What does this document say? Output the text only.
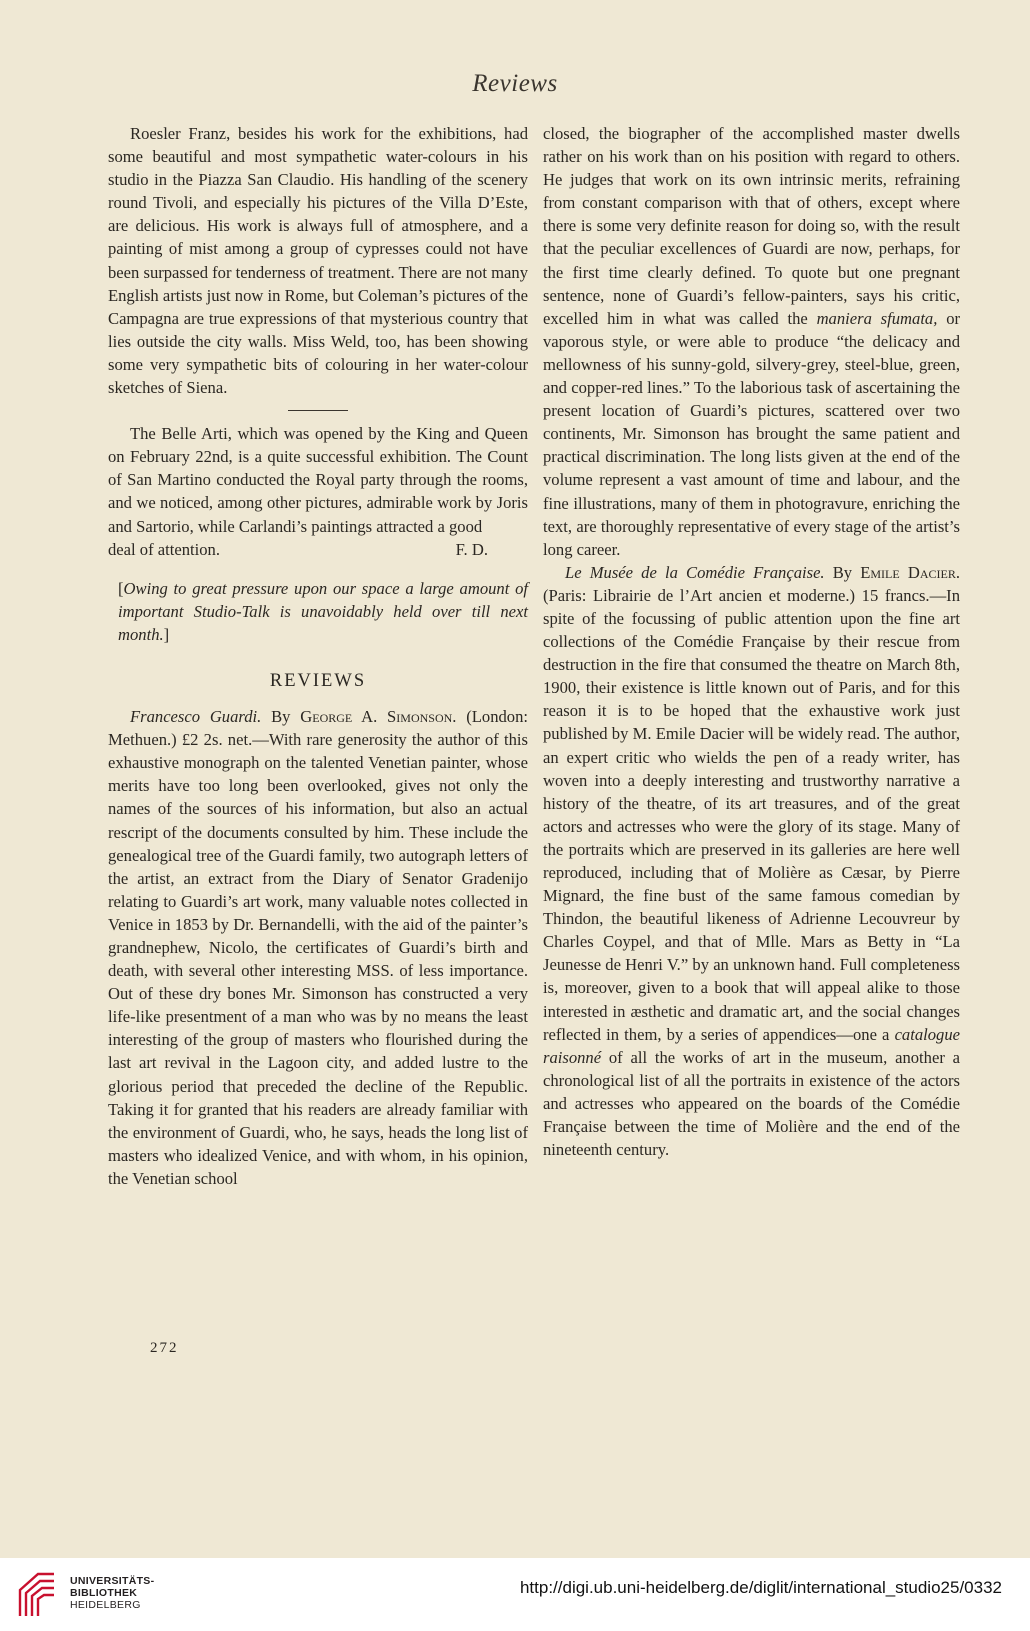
Reviews

Roesler Franz, besides his work for the exhibitions, had some beautiful and most sympathetic water-colours in his studio in the Piazza San Claudio. His handling of the scenery round Tivoli, and especially his pictures of the Villa D’Este, are delicious. His work is always full of atmosphere, and a painting of mist among a group of cypresses could not have been surpassed for tenderness of treatment. There are not many English artists just now in Rome, but Coleman’s pictures of the Campagna are true expressions of that mysterious country that lies outside the city walls. Miss Weld, too, has been showing some very sympathetic bits of colouring in her water-colour sketches of Siena.

The Belle Arti, which was opened by the King and Queen on February 22nd, is a quite successful exhibition. The Count of San Martino conducted the Royal party through the rooms, and we noticed, among other pictures, admirable work by Joris and Sartorio, while Carlandi’s paintings attracted a good

deal of attention.	F. D.

[Owing to great pressure upon our space a large amount of important Studio-Talk is unavoidably held over till next month.]

REVIEWS

Francesco Guardi. By George A. Simonson. (London: Methuen.) £2 2s. net.—With rare generosity the author of this exhaustive monograph on the talented Venetian painter, whose merits have too long been overlooked, gives not only the names of the sources of his information, but also an actual rescript of the documents consulted by him. These include the genealogical tree of the Guardi family, two autograph letters of the artist, an extract from the Diary of Senator Gradenijo relating to Guardi’s art work, many valuable notes collected in Venice in 1853 by Dr. Bernandelli, with the aid of the painter’s grandnephew, Nicolo, the certificates of Guardi’s birth and death, with several other interesting MSS. of less importance. Out of these dry bones Mr. Simonson has constructed a very life-like presentment of a man who was by no means the least interesting of the group of masters who flourished during the last art revival in the Lagoon city, and added lustre to the glorious period that preceded the decline of the Republic. Taking it for granted that his readers are already familiar with the environment of Guardi, who, he says, heads the long list of masters who idealized Venice, and with whom, in his opinion, the Venetian school

closed, the biographer of the accomplished master dwells rather on his work than on his position with regard to others. He judges that work on its own intrinsic merits, refraining from constant comparison with that of others, except where there is some very definite reason for doing so, with the result that the peculiar excellences of Guardi are now, perhaps, for the first time clearly defined. To quote but one pregnant sentence, none of Guardi’s fellow-painters, says his critic, excelled him in what was called the maniera sfumata, or vaporous style, or were able to produce “the delicacy and mellowness of his sunny-gold, silvery-grey, steel-blue, green, and copper-red lines.” To the laborious task of ascertaining the present location of Guardi’s pictures, scattered over two continents, Mr. Simonson has brought the same patient and practical discrimination. The long lists given at the end of the volume represent a vast amount of time and labour, and the fine illustrations, many of them in photogravure, enriching the text, are thoroughly representative of every stage of the artist’s long career.

Le Musée de la Comédie Française. By Emile Dacier. (Paris: Librairie de l’Art ancien et moderne.) 15 francs.—In spite of the focussing of public attention upon the fine art collections of the Comédie Française by their rescue from destruction in the fire that consumed the theatre on March 8th, 1900, their existence is little known out of Paris, and for this reason it is to be hoped that the exhaustive work just published by M. Emile Dacier will be widely read. The author, an expert critic who wields the pen of a ready writer, has woven into a deeply interesting and trustworthy narrative a history of the theatre, of its art treasures, and of the great actors and actresses who were the glory of its stage. Many of the portraits which are preserved in its galleries are here well reproduced, including that of Molière as Cæsar, by Pierre Mignard, the fine bust of the same famous comedian by Thindon, the beautiful likeness of Adrienne Lecouvreur by Charles Coypel, and that of Mlle. Mars as Betty in “La Jeunesse de Henri V.” by an unknown hand. Full completeness is, moreover, given to a book that will appeal alike to those interested in æsthetic and dramatic art, and the social changes reflected in them, by a series of appendices—one a catalogue raisonné of all the works of art in the museum, another a chronological list of all the portraits in existence of the actors and actresses who appeared on the boards of the Comédie Française between the time of Molière and the end of the nineteenth century.

272
UNIVERSITÄTS-
BIBLIOTHEK
HEIDELBERG
http://digi.ub.uni-heidelberg.de/diglit/international_studio25/0332
